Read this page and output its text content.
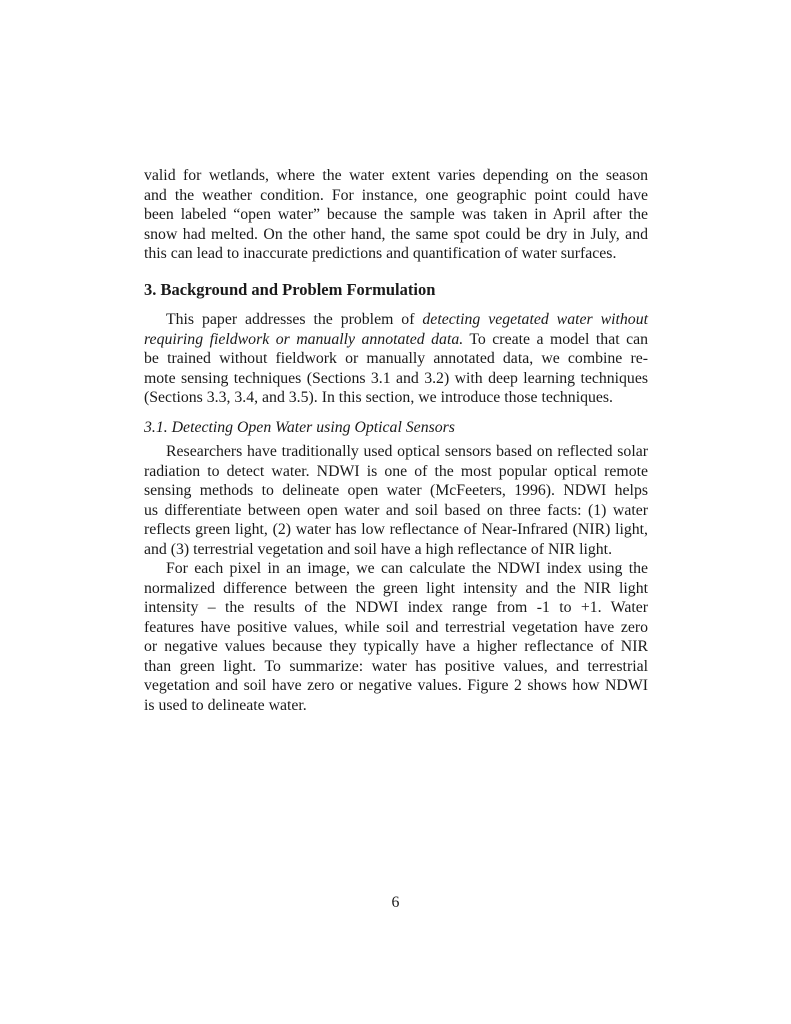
valid for wetlands, where the water extent varies depending on the season
and the weather condition. For instance, one geographic point could have
been labeled “open water” because the sample was taken in April after the
snow had melted. On the other hand, the same spot could be dry in July, and
this can lead to inaccurate predictions and quantification of water surfaces.
3. Background and Problem Formulation
This paper addresses the problem of detecting vegetated water without
requiring fieldwork or manually annotated data. To create a model that can
be trained without fieldwork or manually annotated data, we combine re-
mote sensing techniques (Sections 3.1 and 3.2) with deep learning techniques
(Sections 3.3, 3.4, and 3.5). In this section, we introduce those techniques.
3.1. Detecting Open Water using Optical Sensors
Researchers have traditionally used optical sensors based on reflected solar
radiation to detect water. NDWI is one of the most popular optical remote
sensing methods to delineate open water (McFeeters, 1996). NDWI helps
us differentiate between open water and soil based on three facts: (1) water
reflects green light, (2) water has low reflectance of Near-Infrared (NIR) light,
and (3) terrestrial vegetation and soil have a high reflectance of NIR light.
For each pixel in an image, we can calculate the NDWI index using the
normalized difference between the green light intensity and the NIR light
intensity – the results of the NDWI index range from -1 to +1. Water
features have positive values, while soil and terrestrial vegetation have zero
or negative values because they typically have a higher reflectance of NIR
than green light. To summarize: water has positive values, and terrestrial
vegetation and soil have zero or negative values. Figure 2 shows how NDWI
is used to delineate water.
6
